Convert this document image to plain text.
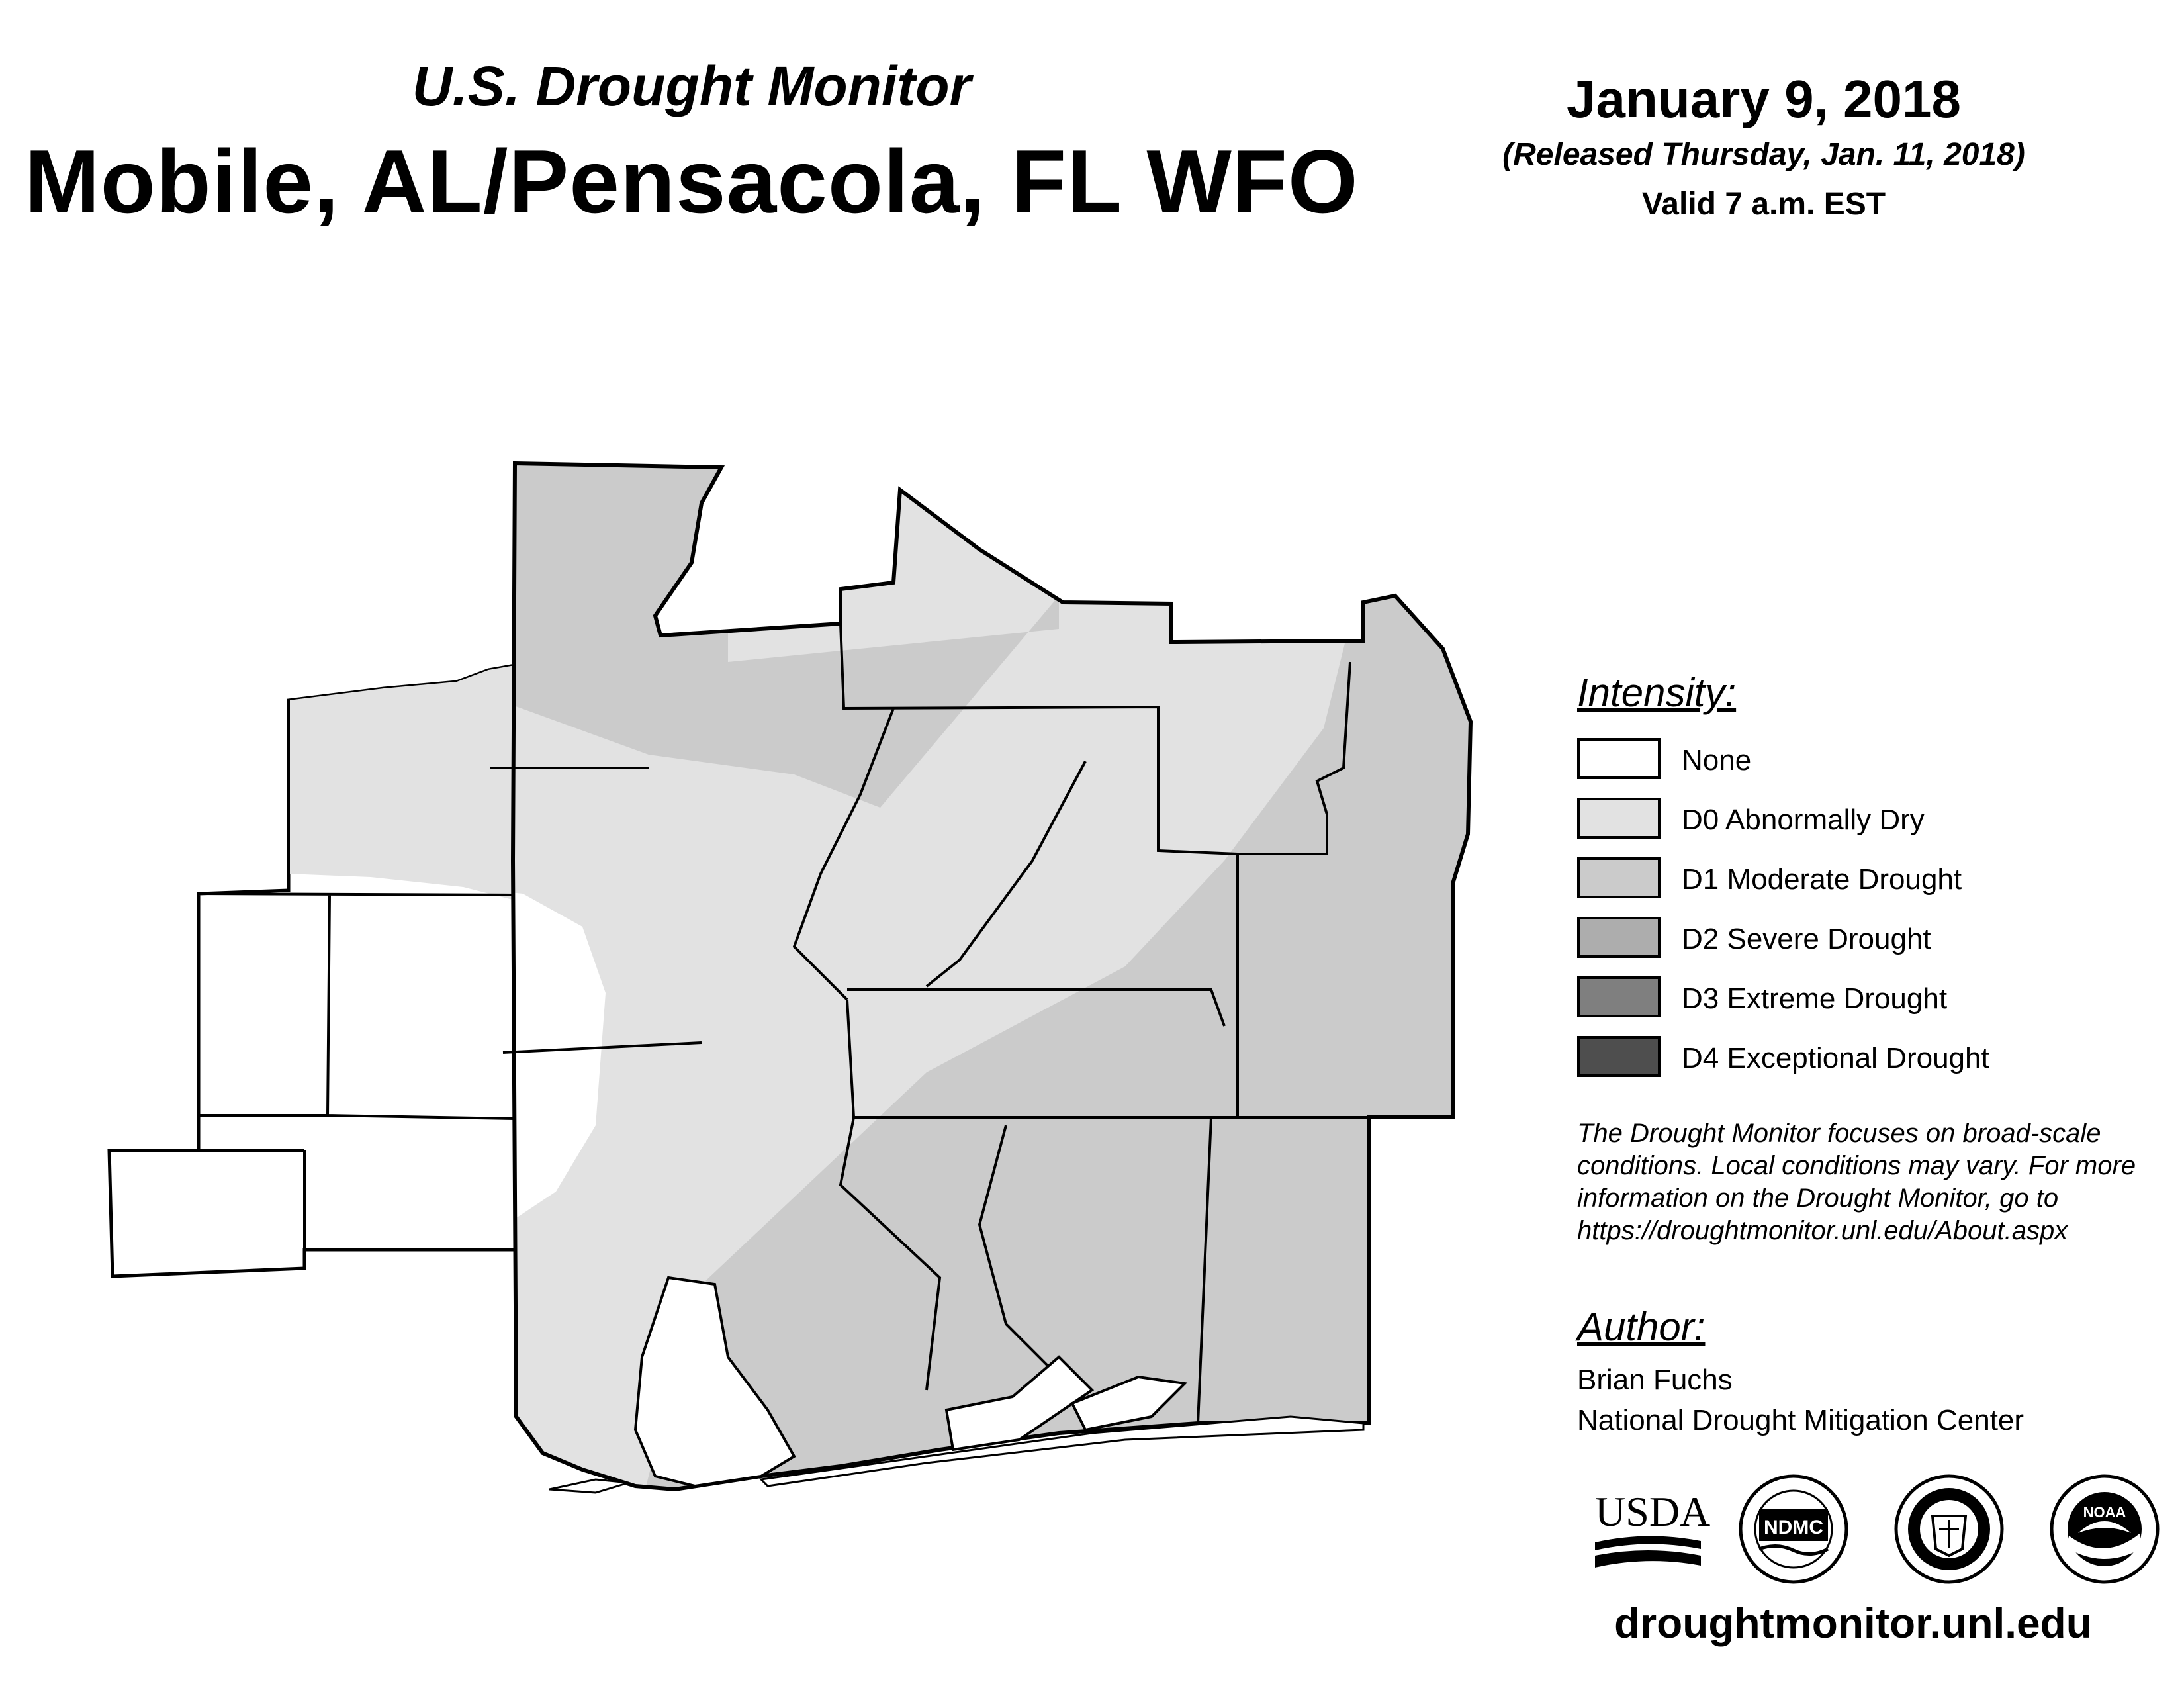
U.S. Drought Monitor
Mobile, AL/Pensacola, FL WFO
January 9, 2018
(Released Thursday, Jan. 11, 2018)
Valid 7 a.m. EST
Intensity:
None
D0 Abnormally Dry
D1 Moderate Drought
D2 Severe Drought
D3 Extreme Drought
D4 Exceptional Drought
The Drought Monitor focuses on broad-scale conditions. Local conditions may vary. For more information on the Drought Monitor, go to https://droughtmonitor.unl.edu/About.aspx
Author:
Brian Fuchs
National Drought Mitigation Center
USDA	NDMC
NOAA
droughtmonitor.unl.edu
